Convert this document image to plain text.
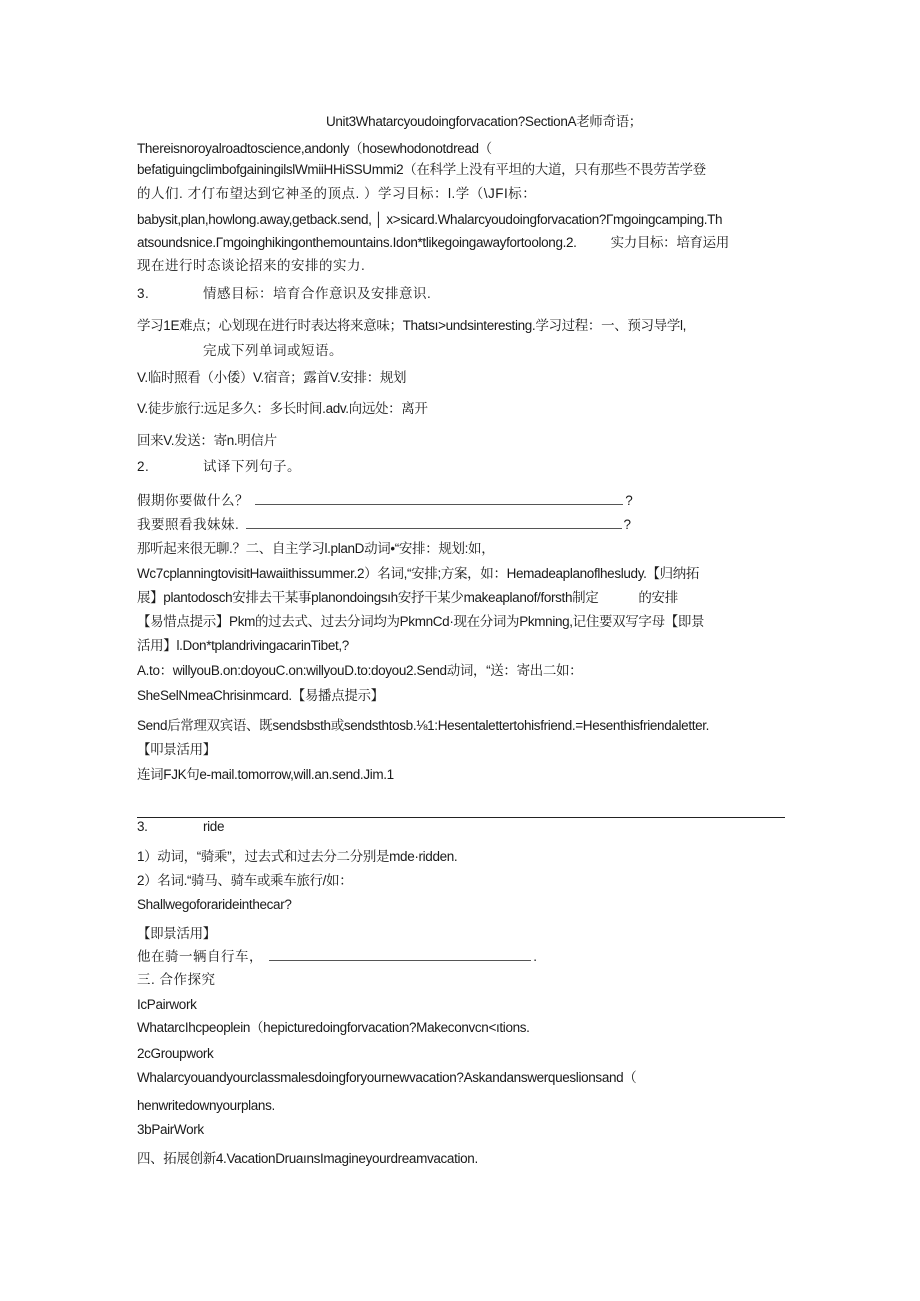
Unit3Whatarcyoudoingforvacation?SectionA老师奇语；
Thereisnoroyalroadtoscience,andonly（hosewhodonotdread（
befatiguingclimbofgainingilslWmiiHHiSSUmmi2（在科学上没有平坦的大道，只有那些不畏劳苦学登
的人们. 才仃布望达到它神圣的顶点. ）学习目标：l.学（\JFI标：
babysit,plan,howlong.away,getback.send, │ x>sicard.Whalarcyoudoingforvacation?Гmgoingcamping.Th
atsoundsnice.Гmgoinghikingonthemountains.Idon*tlikegoingawayfortoolong.2.	实力目标：培育运用
现在进行时态谈论招来的安排的实力.
3.	情感目标：培育合作意识及安排意识.
学习1E难点；心划现在进行时表达将来意味；Thatsı>undsinteresting.学习过程：一、预习导学l,
完成下列单词或短语。
V.临时照看（小倭）V.宿音；露首V.安排：规划
V.徒步旅行:远足多久：多长时间.adv.向远处：离开
回来V.发送：寄n.明信片
2.	试译下列句子。
假期你要做什么？	?
我要照看我妹妹.	?
那听起来很无聊.？二、自主学习l.planD动词•“安排：规划:如，
Wc7cplanningtovisitHawaiithissummer.2）名词,“安排;方案，如：Hemadeaplanoflhesludy.【归纳拓
展】plantodosch安排去干某事planondoingsıh安抒干某少makeaplanof/forsth制定	的安排
【易惜点提示】Pkm的过去式、过去分词均为PkmnCd·现在分词为Pkmning,记住要双写字母【即景
活用】l.Don*tplandrivingacarinTibet,?
A.to：willyouB.on:doyouC.on:willyouD.to:doyou2.Send动词，“送：寄出二如：
SheSelNmeaChrisinmcard.【易播点提示】
Send后常理双宾语、既sendsbsth或sendsthtosb.⅛1:Hesentalettertohisfriend.=Hesenthisfriendaletter.
【叩景活用】
连词FJK句e-mail.tomorrow,will.an.send.Jim.1
3.	ride
1）动词，“骑乘”，过去式和过去分二分别是mde·ridden.
2）名词.“骑马、骑车或乘车旅行/如：
Shallwegoforarideinthecar?
【即景活用】
他在骑一辆自行车，	.
三. 合作探究
IcPairwork
WhatarcIhcpeoplein（hepicturedoingforvacation?Makeconvcn<ıtions.
2cGroupwork
Whalarcyouandyourclassmalesdoingforyournewvacation?Askandanswerqueslionsand（
henwritedownyourplans.
3bPairWork
四、拓展创新4.VacationDruaınsImagineyourdreamvacation.
